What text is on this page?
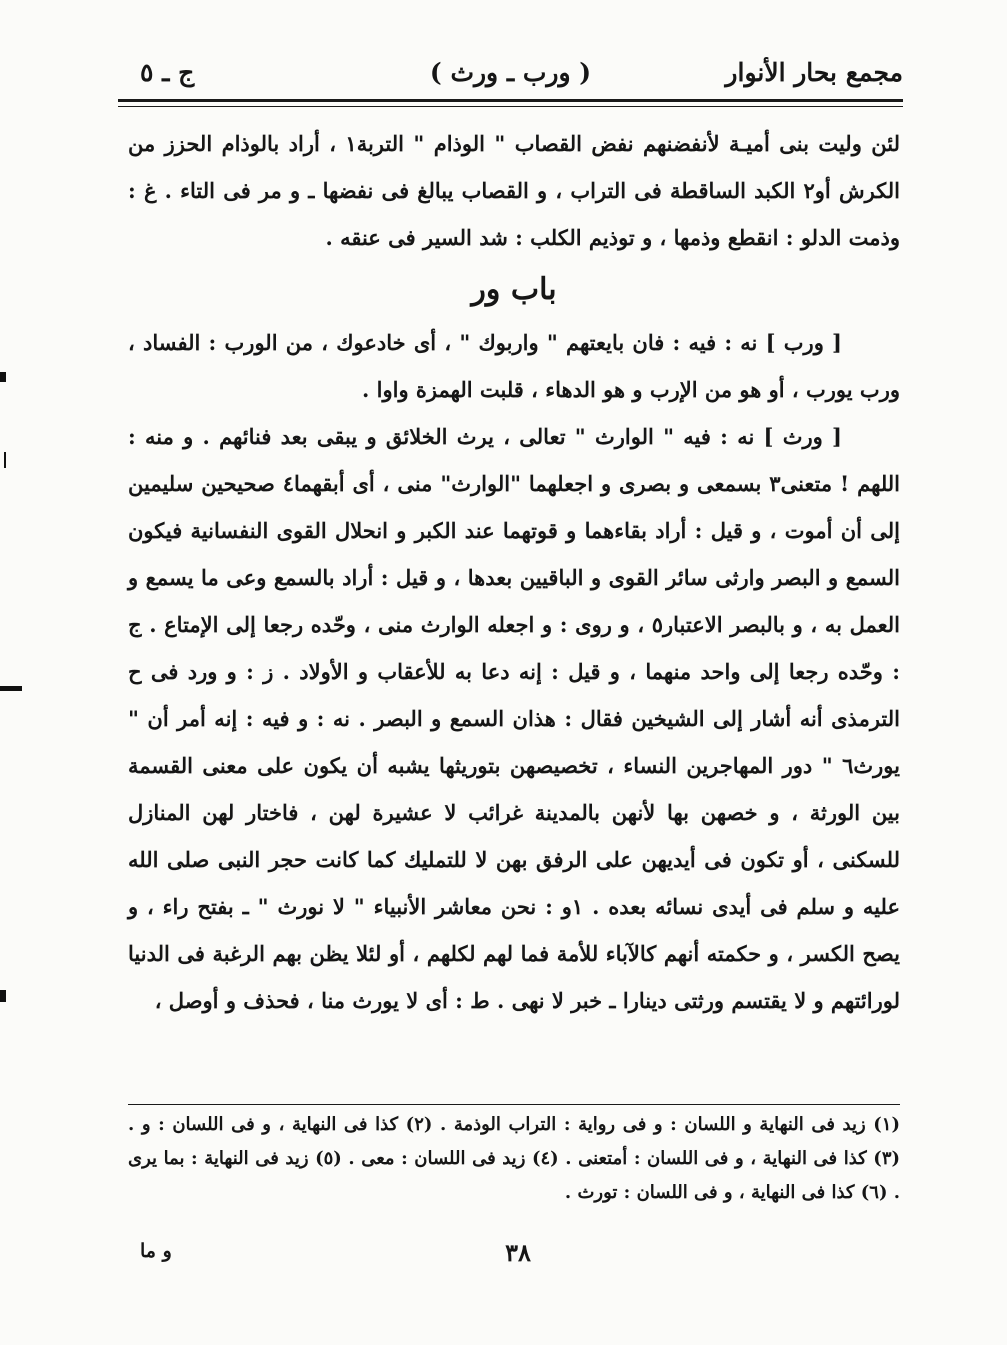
مجمع بحار الأنوار
( ورب ـ ورث )
ج ـ ٥

لئن وليت بنى أميـة لأنفضنهم نفض القصاب " الوذام " التربة١ ، أراد بالوذام الحزز من الكرش أو٢ الكبد الساقطة فى التراب ، و القصاب يبالغ فى نفضها ـ و مر فى التاء . غ : وذمت الدلو : انقطع وذمها ، و توذيم الكلب : شد السير فى عنقه .

باب ور

[ ورب ] نه : فيه : فان بايعتهم " واربوك " ، أى خادعوك ، من الورب : الفساد ، ورب يورب ، أو هو من الإرب و هو الدهاء ، قلبت الهمزة واوا .

[ ورث ] نه : فيه " الوارث " تعالى ، يرث الخلائق و يبقى بعد فنائهم . و منه : اللهم ! متعنى٣ بسمعى و بصرى و اجعلهما "الوارث" منى ، أى أبقهما٤ صحيحين سليمين إلى أن أموت ، و قيل : أراد بقاءهما و قوتهما عند الكبر و انحلال القوى النفسانية فيكون السمع و البصر وارثى سائر القوى و الباقيين بعدها ، و قيل : أراد بالسمع وعى ما يسمع و العمل به ، و بالبصر الاعتبار٥ ، و روى : و اجعله الوارث منى ، وحّده رجعا إلى الإمتاع . ج : وحّده رجعا إلى واحد منهما ، و قيل : إنه دعا به للأعقاب و الأولاد . ز : و ورد فى ح الترمذى أنه أشار إلى الشيخين فقال : هذان السمع و البصر . نه : و فيه : إنه أمر أن " يورث٦ " دور المهاجرين النساء ، تخصيصهن بتوريثها يشبه أن يكون على معنى القسمة بين الورثة ، و خصهن بها لأنهن بالمدينة غرائب لا عشيرة لهن ، فاختار لهن المنازل للسكنى ، أو تكون فى أيديهن على الرفق بهن لا للتمليك كما كانت حجر النبى صلى الله عليه و سلم فى أيدى نسائه بعده . ١و : نحن معاشر الأنبياء " لا نورث " ـ بفتح راء ، و يصح الكسر ، و حكمته أنهم كالآباء للأمة فما لهم لكلهم ، أو لئلا يظن بهم الرغبة فى الدنيا لورائتهم و لا يقتسم ورثتى دينارا ـ خبر لا نهى . ط : أى لا يورث منا ، فحذف و أوصل ،

(١) زيد فى النهاية و اللسان : و فى رواية : التراب الوذمة . (٢) كذا فى النهاية ، و فى اللسان : و . (٣) كذا فى النهاية ، و فى اللسان : أمتعنى . (٤) زيد فى اللسان : معى . (٥) زيد فى النهاية : بما يرى . (٦) كذا فى النهاية ، و فى اللسان : تورث .

٣٨
و ما
